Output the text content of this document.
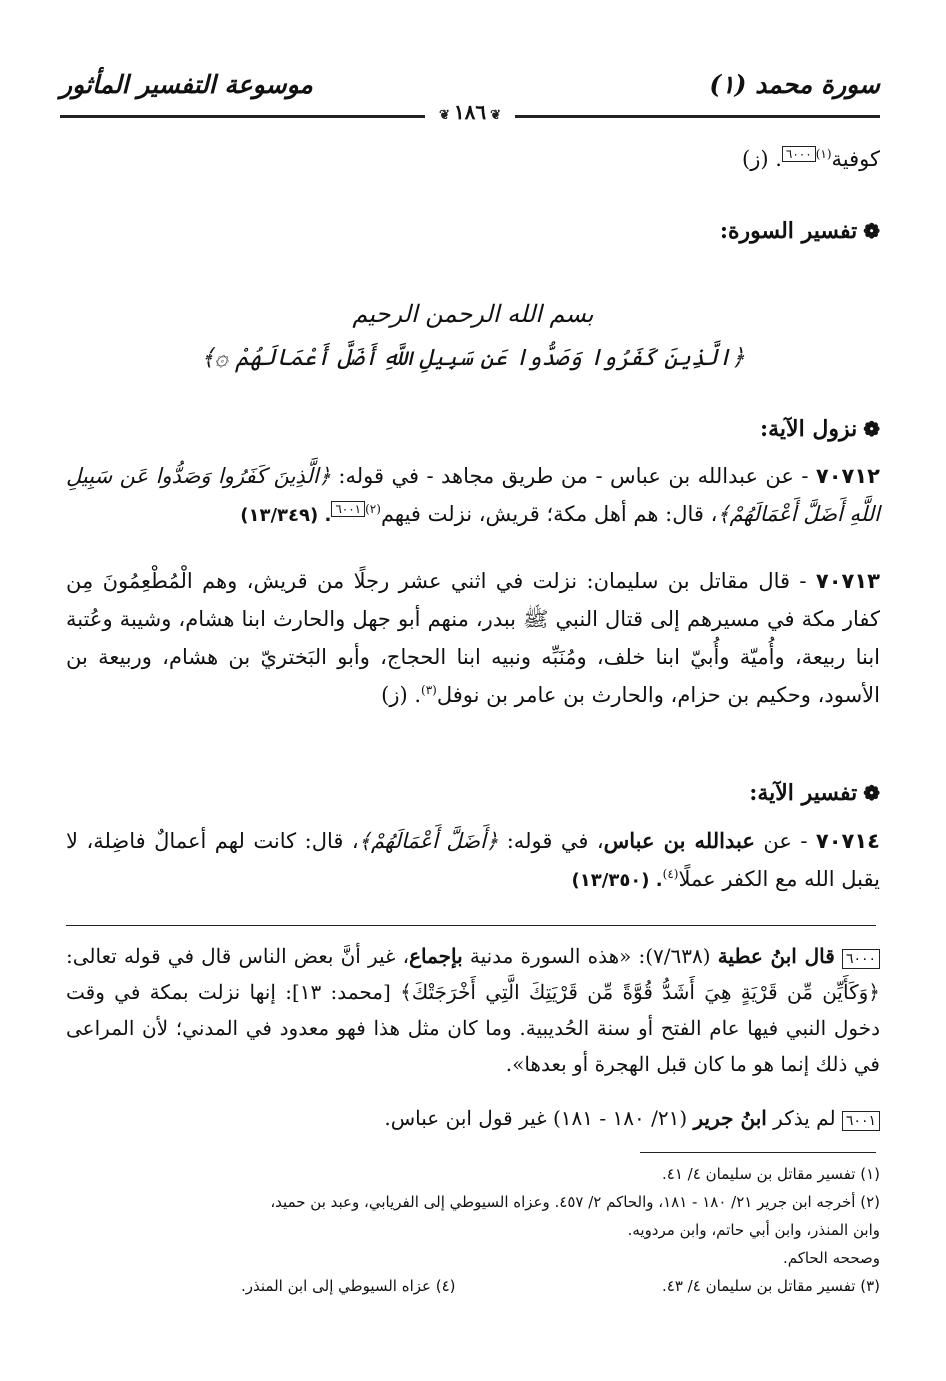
سورة محمد (١)
موسوعة التفسير المأثور
❦١٨٦❦
كوفية$^{(١)}$٦٠٠٠. (ز)
❁تفسير السورة:
بسم الله الرحمن الرحيم
﴿الَّذِينَ كَفَرُوا وَصَدُّوا عَن سَبِيلِ اللَّهِ أَضَلَّ أَعْمَالَهُمْ ۞﴾
❁نزول الآية:
٧٠٧١٢ - عن عبدالله بن عباس - من طريق مجاهد - في قوله: ﴿الَّذِينَ كَفَرُوا وَصَدُّوا عَن سَبِيلِ اللَّهِ أَضَلَّ أَعْمَالَهُمْ﴾، قال: هم أهل مكة؛ قريش، نزلت فيهم$^{(٢)}$٦٠٠١. (١٣/٣٤٩)
٧٠٧١٣ - قال مقاتل بن سليمان: نزلت في اثني عشر رجلًا من قريش، وهم الْمُطْعِمُونَ مِن كفار مكة في مسيرهم إلى قتال النبي ﷺ ببدر، منهم أبو جهل والحارث ابنا هشام، وشيبة وعُتبة ابنا ربيعة، وأُميّة وأُبيّ ابنا خلف، ومُنَبِّه ونبيه ابنا الحجاج، وأبو البَختريّ بن هشام، وربيعة بن الأسود، وحكيم بن حزام، والحارث بن عامر بن نوفل$^{(٣)}$. (ز)
❁تفسير الآية:
٧٠٧١٤ - عن عبدالله بن عباس، في قوله: ﴿أَضَلَّ أَعْمَالَهُمْ﴾، قال: كانت لهم أعمالٌ فاضِلة، لا يقبل الله مع الكفر عملًا$^{(٤)}$. (١٣/٣٥٠)
٦٠٠٠ قال ابنُ عطية (٧/٦٣٨): «هذه السورة مدنية بإجماع، غير أنَّ بعض الناس قال في قوله تعالى: ﴿وَكَأَيِّن مِّن قَرْيَةٍ هِيَ أَشَدُّ قُوَّةً مِّن قَرْيَتِكَ الَّتِي أَخْرَجَتْكَ﴾ [محمد: ١٣]: إنها نزلت بمكة في وقت دخول النبي فيها عام الفتح أو سنة الحُديبية. وما كان مثل هذا فهو معدود في المدني؛ لأن المراعى في ذلك إنما هو ما كان قبل الهجرة أو بعدها».
٦٠٠١ لم يذكر ابنُ جرير (٢١/ ١٨٠ - ١٨١) غير قول ابن عباس.
(١) تفسير مقاتل بن سليمان ٤/ ٤١.
(٢) أخرجه ابن جرير ٢١/ ١٨٠ - ١٨١، والحاكم ٢/ ٤٥٧. وعزاه السيوطي إلى الفريابي، وعبد بن حميد،
وابن المنذر، وابن أبي حاتم، وابن مردويه.
وصححه الحاكم.
(٣) تفسير مقاتل بن سليمان ٤/ ٤٣.
(٤) عزاه السيوطي إلى ابن المنذر.
